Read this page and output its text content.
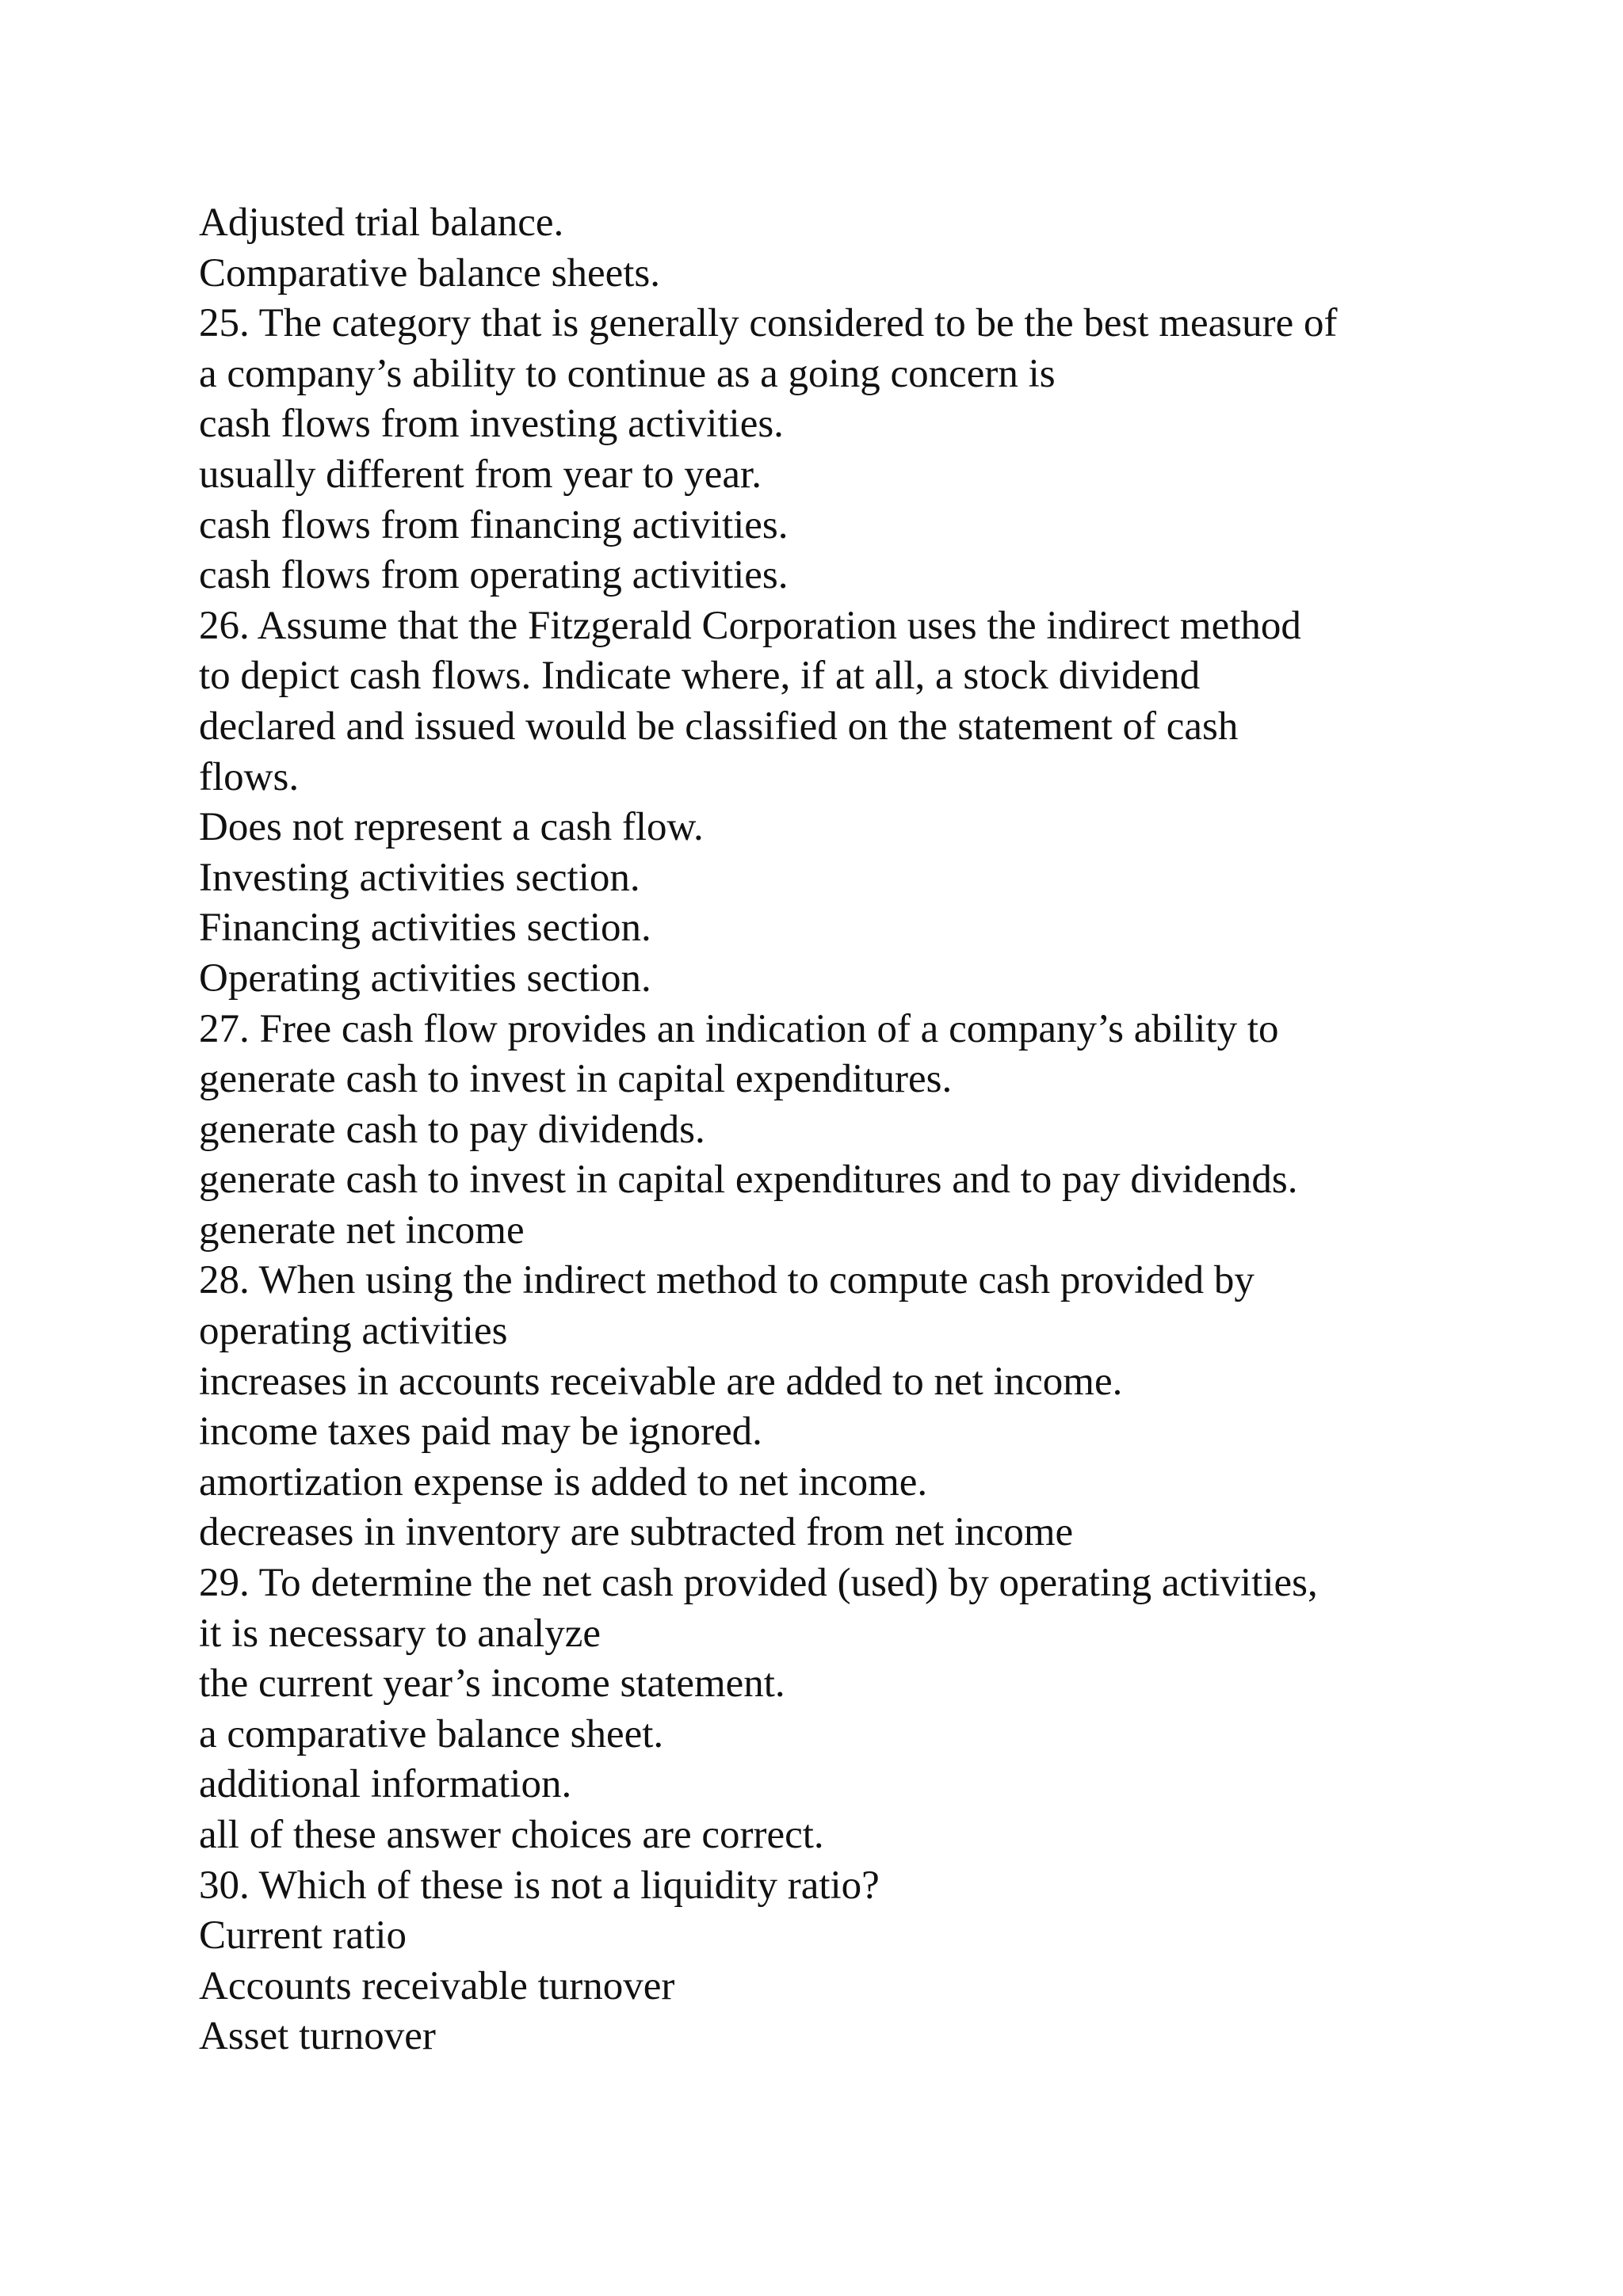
Adjusted trial balance.
Comparative balance sheets.
25. The category that is generally considered to be the best measure of
a company’s ability to continue as a going concern is
cash flows from investing activities.
usually different from year to year.
cash flows from financing activities.
cash flows from operating activities.
26. Assume that the Fitzgerald Corporation uses the indirect method
to depict cash flows. Indicate where, if at all, a stock dividend
declared and issued would be classified on the statement of cash
flows.
Does not represent a cash flow.
Investing activities section.
Financing activities section.
Operating activities section.
27. Free cash flow provides an indication of a company’s ability to
generate cash to invest in capital expenditures.
generate cash to pay dividends.
generate cash to invest in capital expenditures and to pay dividends.
generate net income
28. When using the indirect method to compute cash provided by
operating activities
increases in accounts receivable are added to net income.
income taxes paid may be ignored.
amortization expense is added to net income.
decreases in inventory are subtracted from net income
29. To determine the net cash provided (used) by operating activities,
it is necessary to analyze
the current year’s income statement.
a comparative balance sheet.
additional information.
all of these answer choices are correct.
30. Which of these is not a liquidity ratio?
Current ratio
Accounts receivable turnover
Asset turnover
